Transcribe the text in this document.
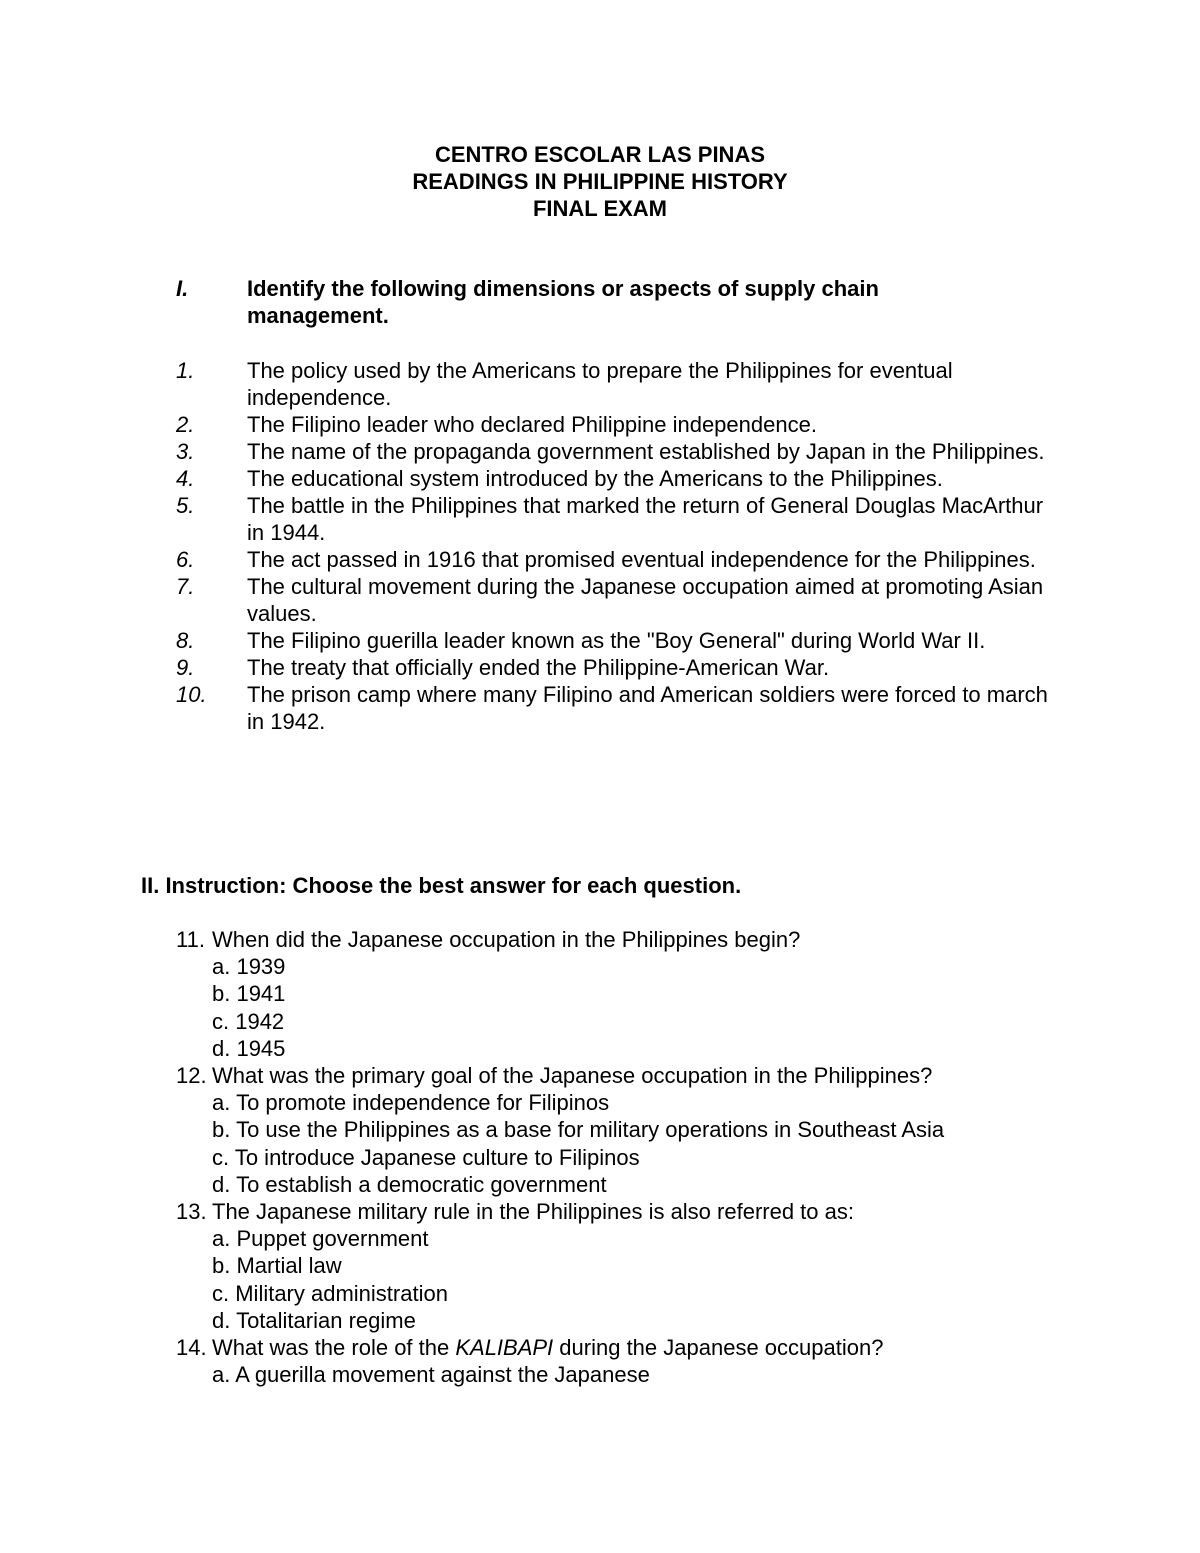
CENTRO ESCOLAR LAS PINAS
READINGS IN PHILIPPINE HISTORY
FINAL EXAM
I.	Identify the following dimensions or aspects of supply chain management.
1. The policy used by the Americans to prepare the Philippines for eventual independence.
2. The Filipino leader who declared Philippine independence.
3. The name of the propaganda government established by Japan in the Philippines.
4. The educational system introduced by the Americans to the Philippines.
5. The battle in the Philippines that marked the return of General Douglas MacArthur in 1944.
6. The act passed in 1916 that promised eventual independence for the Philippines.
7. The cultural movement during the Japanese occupation aimed at promoting Asian values.
8. The Filipino guerilla leader known as the "Boy General" during World War II.
9. The treaty that officially ended the Philippine-American War.
10. The prison camp where many Filipino and American soldiers were forced to march in 1942.
II. Instruction: Choose the best answer for each question.
11. When did the Japanese occupation in the Philippines begin?
a. 1939
b. 1941
c. 1942
d. 1945
12. What was the primary goal of the Japanese occupation in the Philippines?
a. To promote independence for Filipinos
b. To use the Philippines as a base for military operations in Southeast Asia
c. To introduce Japanese culture to Filipinos
d. To establish a democratic government
13. The Japanese military rule in the Philippines is also referred to as:
a. Puppet government
b. Martial law
c. Military administration
d. Totalitarian regime
14. What was the role of the KALIBAPI during the Japanese occupation?
a. A guerilla movement against the Japanese
